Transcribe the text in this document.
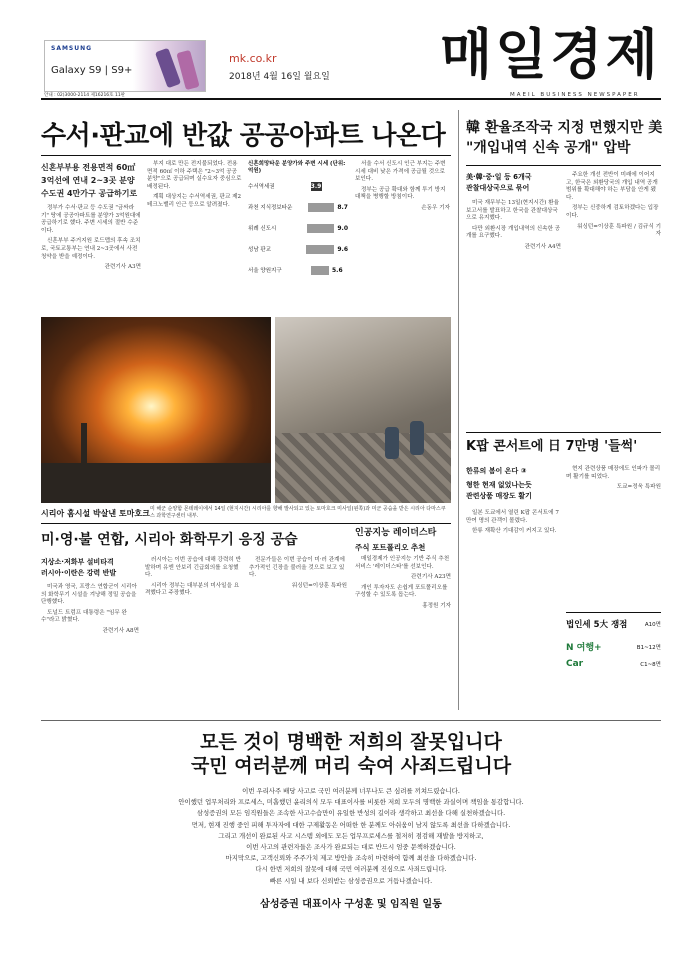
SAMSUNG
Galaxy S9 | S9+
mk.co.kr
2018년 4월 16일 월요일 매일경제
MAEIL BUSINESS NEWSPAPER
안내 : 02)3000-2114 제16216호 11판
수서·판교에 반값 공공아파트 나온다
신혼부부용 전용면적 60㎡
3억선에 연내 2~3곳 분양
수도권 4만가구 공급하기로

정부가 수서·판교 등 수도권 "금싸라기" 땅에 공공아파트를 분양가 3억원대에 공급하기로 했다. 주변 시세의 절반 수준이다.

신혼부부 주거지원 로드맵의 후속 조치로, 국토교통부는 연내 2~3곳에서 사전청약을 받을 예정이다.

관련기사 A3면

부지 대로 만든 전지불되었다. 전용면적 60㎡ 이하 주택은 "2~3억 공공분양"으로 공급되며 실수요자 중심으로 배정된다.

계획 대상지는 수서역세권, 판교 제2테크노밸리 인근 등으로 알려졌다.

신혼희망타운 분양가와 주변 시세 (단위: 억원)
수서역세권	2.9~3.9
과천 지식정보타운	8.7
위례 신도시	9.0
성남 판교	9.6
서울 양원지구	5.6

서울 수서 신도시 인근 부지는 주변 시세 대비 낮은 가격에 공급될 것으로 보인다.

정부는 공급 확대와 함께 투기 방지 대책을 병행할 방침이다.

손동우 기자

시리아 홈시설 박살낸 토마호크 미 해군 순양함 몬테레이에서 14일 (현지시간) 시리아를 향해 발사되고 있는 토마호크 미사일(왼쪽)과 미군 공습을 받은 시리아 다마스쿠스 과학연구센터 내부.
미·영·불 연합, 시리아 화학무기 응징 공습
지상소·저화부 설비타격
러시아·이란은 강력 반발

미국과 영국, 프랑스 연합군이 시리아의 화학무기 시설을 겨냥해 정밀 공습을 단행했다.

도널드 트럼프 대통령은 "임무 완수"라고 밝혔다.

관련기사 A8면

러시아는 이번 공습에 대해 강력히 반발하며 유엔 안보리 긴급회의를 요청했다.

시리아 정부는 대부분의 미사일을 요격했다고 주장했다.

전문가들은 이번 공습이 미·러 관계에 추가적인 긴장을 불러올 것으로 보고 있다.

워싱턴=이상훈 특파원

인공지능 레이더스타
주식 포트폴리오 추천

매일경제가 인공지능 기반 주식 추천 서비스 '레이더스타'를 선보인다.

관련기사 A23면

개인 투자자도 손쉽게 포트폴리오를 구성할 수 있도록 돕는다.

홍정원 기자

韓 환율조작국 지정 면했지만 美 "개입내역 신속 공개" 압박
美·韓·중·일 등 6개국
관찰대상국으로 묶어

미국 재무부는 13일(현지시간) 환율보고서를 발표하고 한국을 관찰대상국으로 유지했다.

다만 외환시장 개입내역의 신속한 공개를 요구했다.

관련기사 A4면

주요한 개선 전반이 미래에 이어지고, 한국은 외환당국의 개입 내역 공개 범위를 확대해야 하는 부담을 안게 됐다.

정부는 신중하게 검토하겠다는 입장이다.

워싱턴=이상훈 특파원 / 김규식 기자

K팝 콘서트에 日 7만명 '들썩'
한류의 봄이 온다 ③
형한 현재 없었나는듯
관련상품 매장도 활기

일본 도쿄에서 열린 K팝 콘서트에 7만여 명의 관객이 몰렸다.

한류 재확산 기대감이 커지고 있다.

현지 관련상품 매장에도 인파가 몰리며 활기를 띠었다.

도쿄=정욱 특파원

법인세 5大 쟁점	A10면
N 여행+	B1~12면
Car	C1~8면
모든 것이 명백한 저희의 잘못입니다
국민 여러분께 머리 숙여 사죄드립니다
이번 우리사주 배당 사고로 국민 여러분께 너무나도 큰 심려를 끼쳐드렸습니다.
안이했던 업무처리와 프로세스, 미흡했던 윤리의식 모두 대표이사를 비롯한 저희 모두의 명백한 과실이며 책임을 통감합니다.
삼성증권의 모든 임직원들은 조속한 사고수습만이 유일한 반성의 길이라 생각하고 최선을 다해 실천하겠습니다.
먼저, 현재 진행 중인 피해 투자자에 대한 구제활동은 어떠한 한 분께도 아쉬움이 남지 않도록 최선을 다하겠습니다.
그리고 개선이 완료된 사고 시스템 외에도 모든 업무프로세스를 철저히 점검해 재발을 방지하고,
이번 사고의 관련자들은 조사가 완료되는 대로 반드시 엄중 문책하겠습니다.
마지막으로, 고객신뢰와 주주가치 제고 방안을 조속히 마련하여 함께 최선을 다하겠습니다.
다시 한번 저희의 잘못에 대해 국민 여러분께 진심으로 사죄드립니다.
빠른 시일 내 보다 신뢰받는 삼성증권으로 거듭나겠습니다.
삼성증권 대표이사 구성훈 및 임직원 일동
